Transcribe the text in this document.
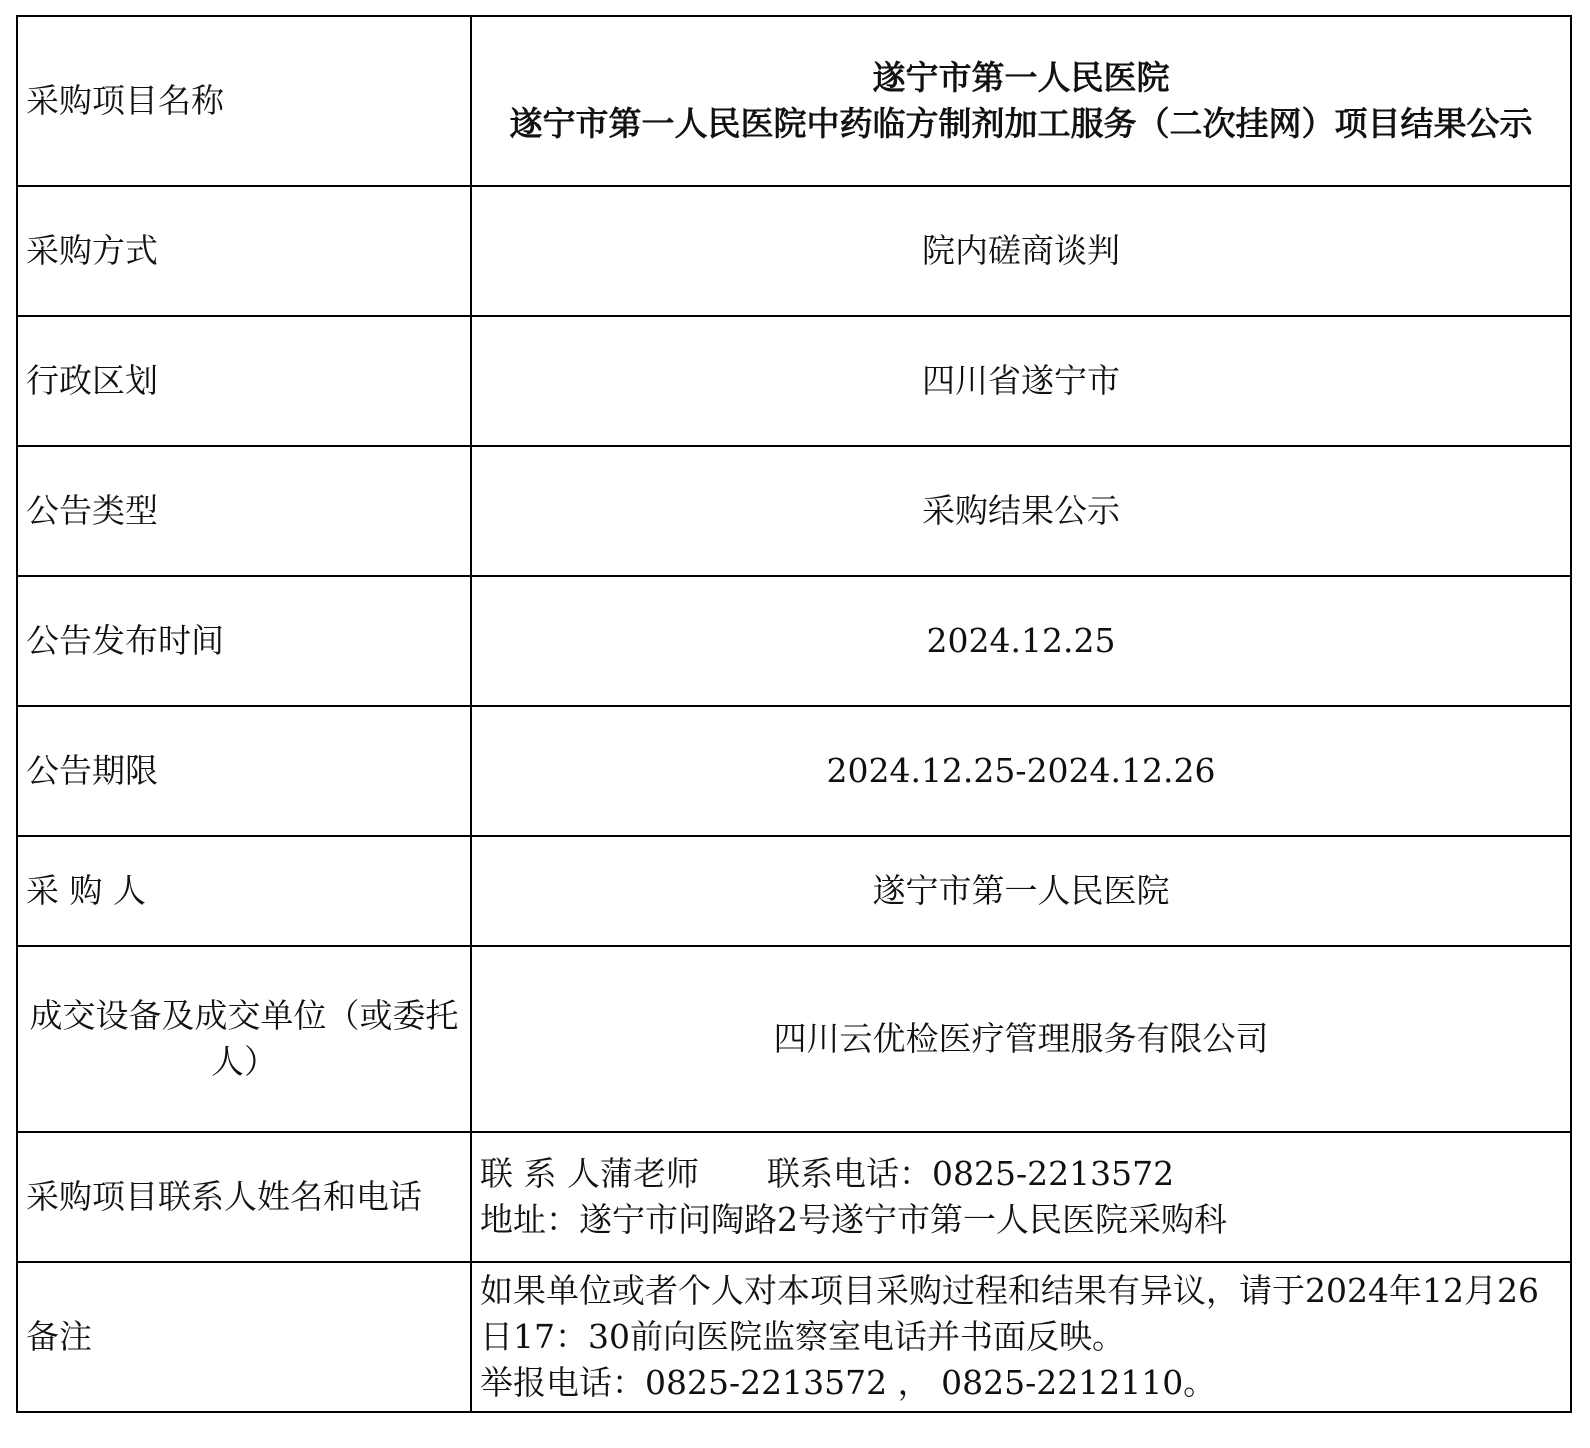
采购项目名称	遂宁市第一人民医院
遂宁市第一人民医院中药临方制剂加工服务（二次挂网）项目结果公示

采购方式	院内磋商谈判
行政区划	四川省遂宁市
公告类型	采购结果公示
公告发布时间	2024.12.25
公告期限	2024.12.25-2024.12.26
采 购 人	遂宁市第一人民医院
成交设备及成交单位（或委托人）	四川云优检医疗管理服务有限公司
采购项目联系人姓名和电话	联 系 人蒲老师 联系电话：0825-2213572
地址：遂宁市问陶路2号遂宁市第一人民医院采购科

备注	如果单位或者个人对本项目采购过程和结果有异议，请于2024年12月26日17：30前向医院监察室电话并书面反映。
举报电话：0825-2213572 ， 0825-2212110。
